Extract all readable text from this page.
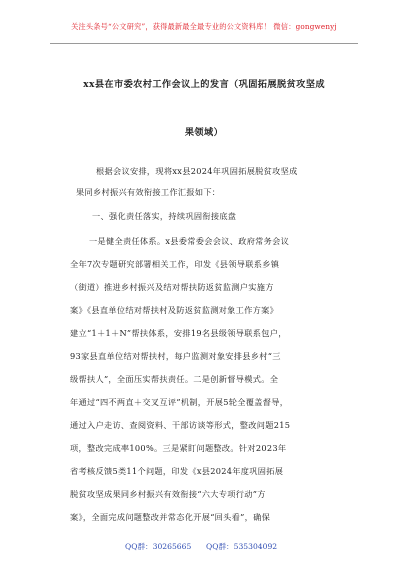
关注头条号“公文研究”，获得最新最全最专业的公文资料库！ 微信：gongwenyj
xx县在市委农村工作会议上的发言（巩固拓展脱贫攻坚成
果领域）
根据会议安排，现将xx县2024年巩固拓展脱贫攻坚成
果同乡村振兴有效衔接工作汇报如下：
一、强化责任落实，持续巩固衔接底盘
一是健全责任体系。x县委常委会会议、政府常务会议
全年7次专题研究部署相关工作，印发《县领导联系乡镇
（街道）推进乡村振兴及结对帮扶防返贫监测户实施方
案》《县直单位结对帮扶村及防返贫监测对象工作方案》
建立“1＋1＋N”帮扶体系，安排19名县级领导联系包户，
93家县直单位结对帮扶村，每户监测对象安排县乡村“三
级帮扶人”，全面压实帮扶责任。二是创新督导模式。全
年通过“四不两直＋交叉互评”机制，开展5轮全覆盖督导，
通过入户走访、查阅资料、干部访谈等形式，整改问题215
项，整改完成率100%。三是紧盯问题整改。针对2023年
省考核反馈5类11个问题，印发《x县2024年度巩固拓展
脱贫攻坚成果同乡村振兴有效衔接“六大专项行动”方
案》，全面完成问题整改并常态化开展“回头看”，确保
QQ群：30265665 QQ群：535304092
